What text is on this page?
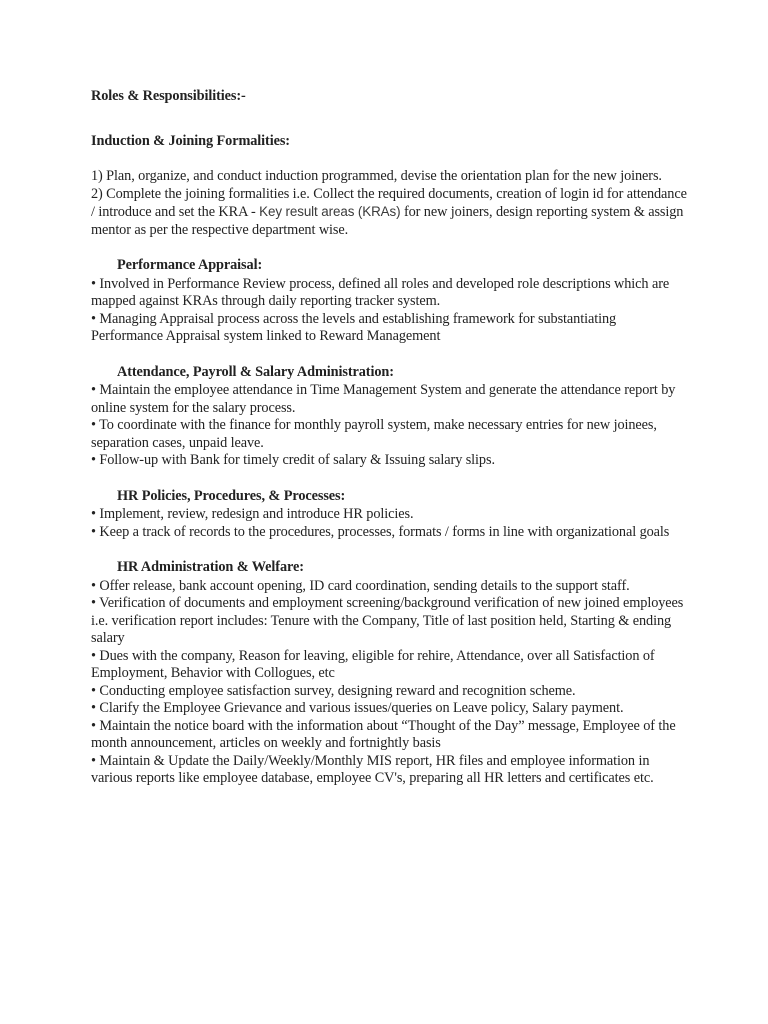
Roles & Responsibilities:-

Induction & Joining Formalities:

1) Plan, organize, and conduct induction programmed, devise the orientation plan for the new joiners.

2) Complete the joining formalities i.e. Collect the required documents, creation of login id for attendance / introduce and set the KRA - Key result areas (KRAs) for new joiners, design reporting system & assign mentor as per the respective department wise.

Performance Appraisal:

• Involved in Performance Review process, defined all roles and developed role descriptions which are mapped against KRAs through daily reporting tracker system.

• Managing Appraisal process across the levels and establishing framework for substantiating Performance Appraisal system linked to Reward Management

Attendance, Payroll & Salary Administration:

• Maintain the employee attendance in Time Management System and generate the attendance report by online system for the salary process.

• To coordinate with the finance for monthly payroll system, make necessary entries for new joinees, separation cases, unpaid leave.

• Follow-up with Bank for timely credit of salary & Issuing salary slips.

HR Policies, Procedures, & Processes:

• Implement, review, redesign and introduce HR policies.

• Keep a track of records to the procedures, processes, formats / forms in line with organizational goals

HR Administration & Welfare:

• Offer release, bank account opening, ID card coordination, sending details to the support staff.

• Verification of documents and employment screening/background verification of new joined employees i.e. verification report includes: Tenure with the Company, Title of last position held, Starting & ending salary

• Dues with the company, Reason for leaving, eligible for rehire, Attendance, over all Satisfaction of Employment, Behavior with Collogues, etc

• Conducting employee satisfaction survey, designing reward and recognition scheme.

• Clarify the Employee Grievance and various issues/queries on Leave policy, Salary payment.

• Maintain the notice board with the information about “Thought of the Day” message, Employee of the month announcement, articles on weekly and fortnightly basis

• Maintain & Update the Daily/Weekly/Monthly MIS report, HR files and employee information in various reports like employee database, employee CV's, preparing all HR letters and certificates etc.
